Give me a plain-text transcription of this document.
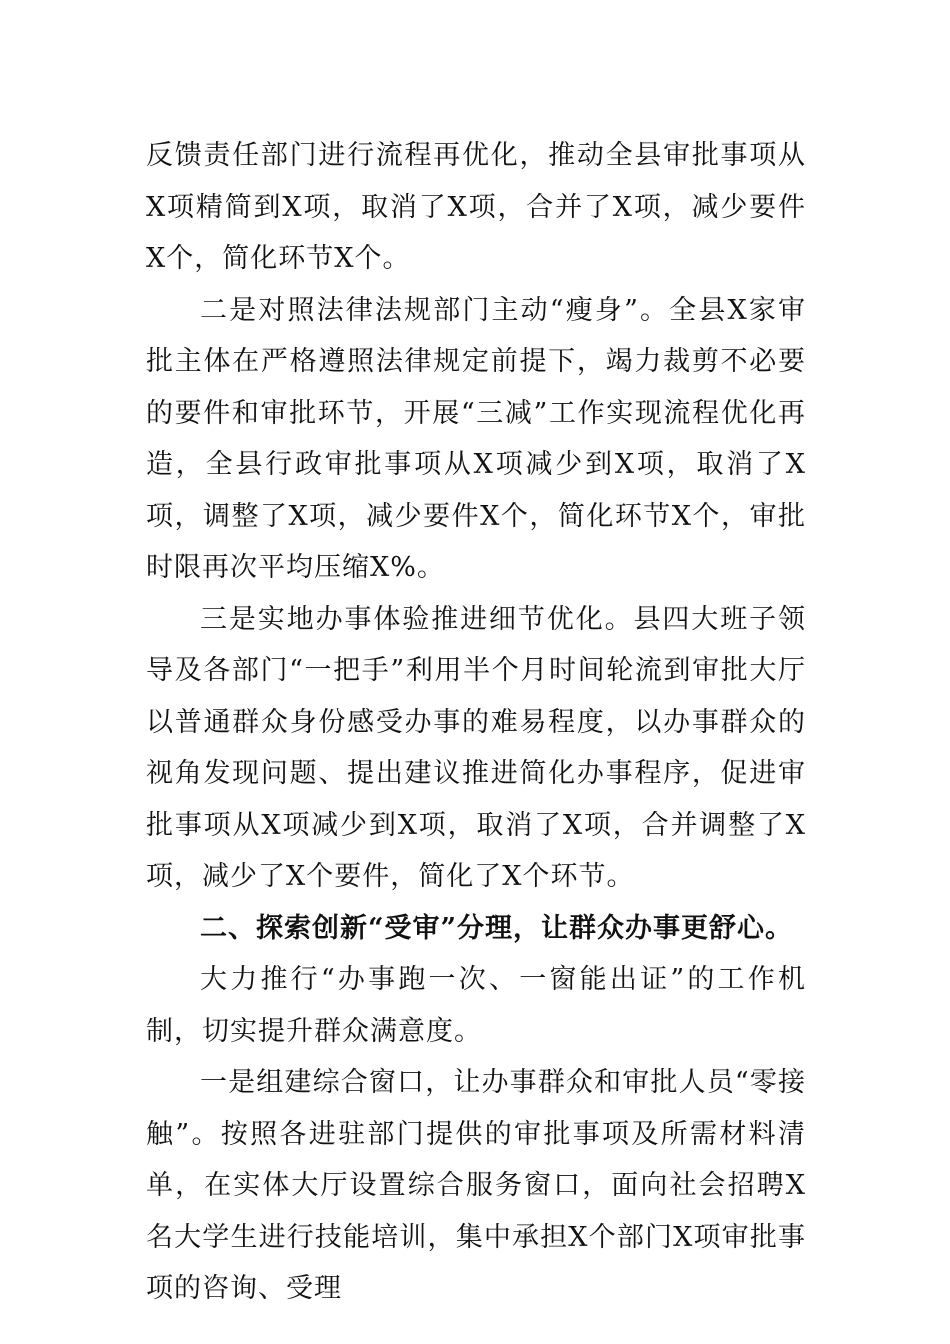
反馈责任部门进行流程再优化，推动全县审批事项从X项精简到X项，取消了X项，合并了X项，减少要件X个，简化环节X个。

二是对照法律法规部门主动“瘦身”。全县X家审批主体在严格遵照法律规定前提下，竭力裁剪不必要的要件和审批环节，开展“三减”工作实现流程优化再造，全县行政审批事项从X项减少到X项，取消了X项，调整了X项，减少要件X个，简化环节X个，审批时限再次平均压缩X%。

三是实地办事体验推进细节优化。县四大班子领导及各部门“一把手”利用半个月时间轮流到审批大厅以普通群众身份感受办事的难易程度，以办事群众的视角发现问题、提出建议推进简化办事程序，促进审批事项从X项减少到X项，取消了X项，合并调整了X项，减少了X个要件，简化了X个环节。

二、探索创新“受审”分理，让群众办事更舒心。

大力推行“办事跑一次、一窗能出证”的工作机制，切实提升群众满意度。

一是组建综合窗口，让办事群众和审批人员“零接触”。按照各进驻部门提供的审批事项及所需材料清单，在实体大厅设置综合服务窗口，面向社会招聘X名大学生进行技能培训，集中承担X个部门X项审批事项的咨询、受理
